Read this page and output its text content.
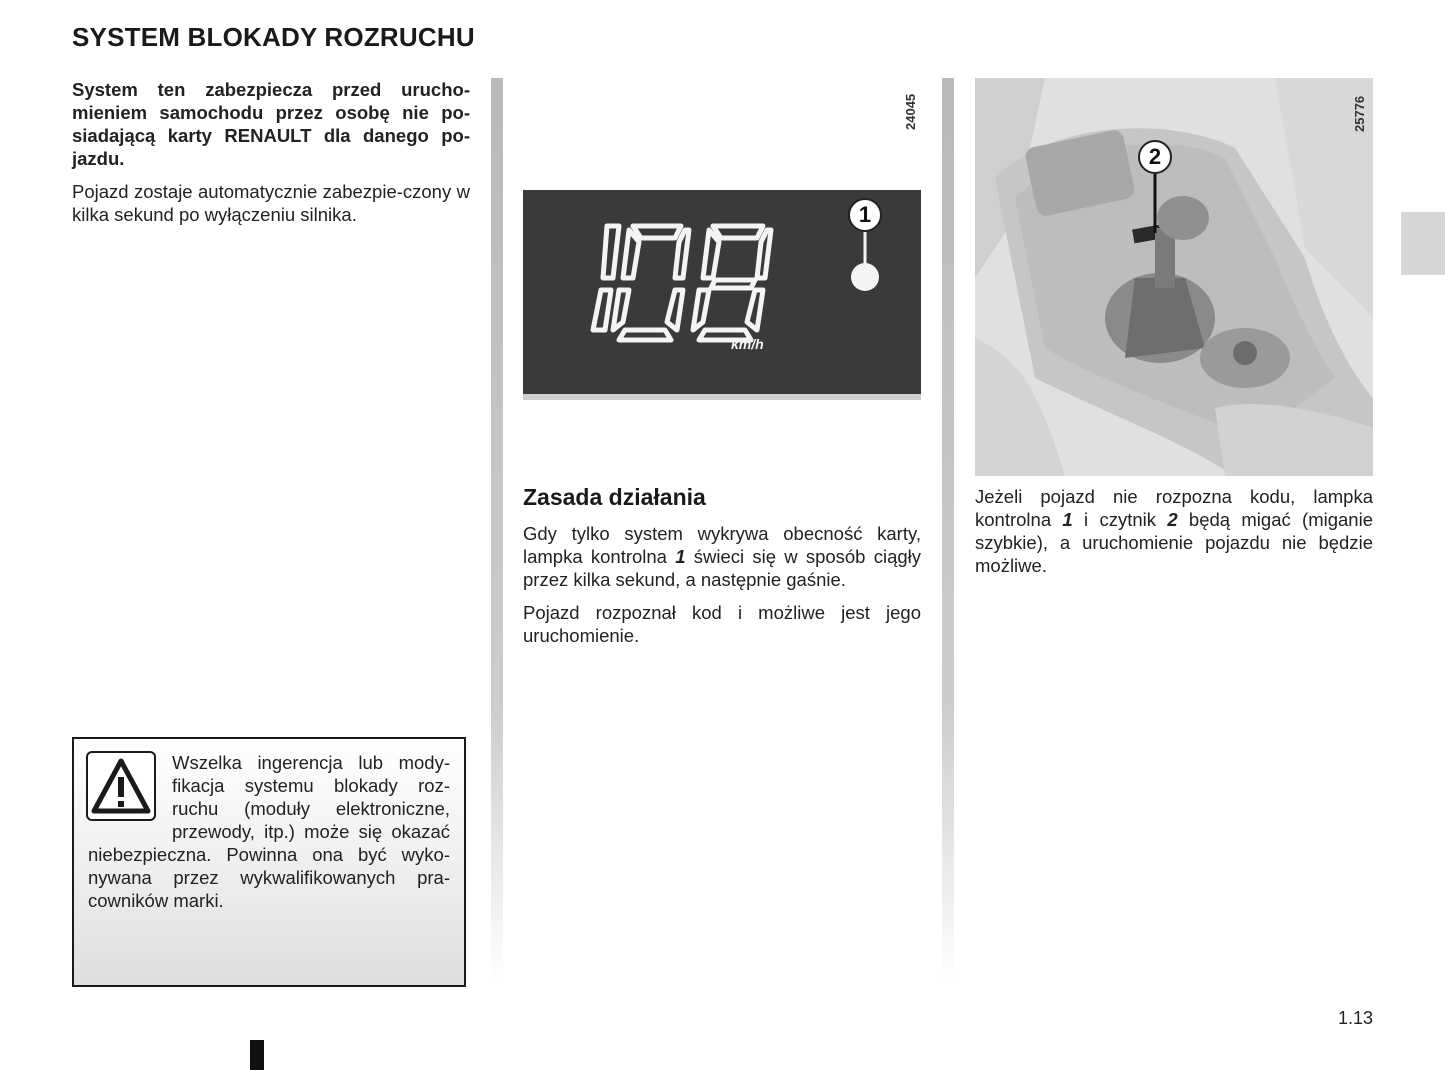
SYSTEM BLOKADY ROZRUCHU

System ten zabezpiecza przed urucho-mieniem samochodu przez osobę nie po-siadającą karty RENAULT dla danego po-jazdu.

Pojazd zostaje automatycznie zabezpie-czony w kilka sekund po wyłączeniu silnika.

Wszelka ingerencja lub mody-fikacja systemu blokady roz-ruchu (moduły elektroniczne, przewody, itp.) może się okazać niebezpieczna. Powinna ona być wyko-nywana przez wykwalifikowanych pra-cowników marki.
24045
km/h
1
Zasada działania

Gdy tylko system wykrywa obecność karty, lampka kontrolna 1 świeci się w sposób ciągły przez kilka sekund, a następnie gaśnie.

Pojazd rozpoznał kod i możliwe jest jego uruchomienie.

2
25776

Jeżeli pojazd nie rozpozna kodu, lampka kontrolna 1 i czytnik 2 będą migać (miganie szybkie), a uruchomienie pojazdu nie będzie możliwe.

1.13
